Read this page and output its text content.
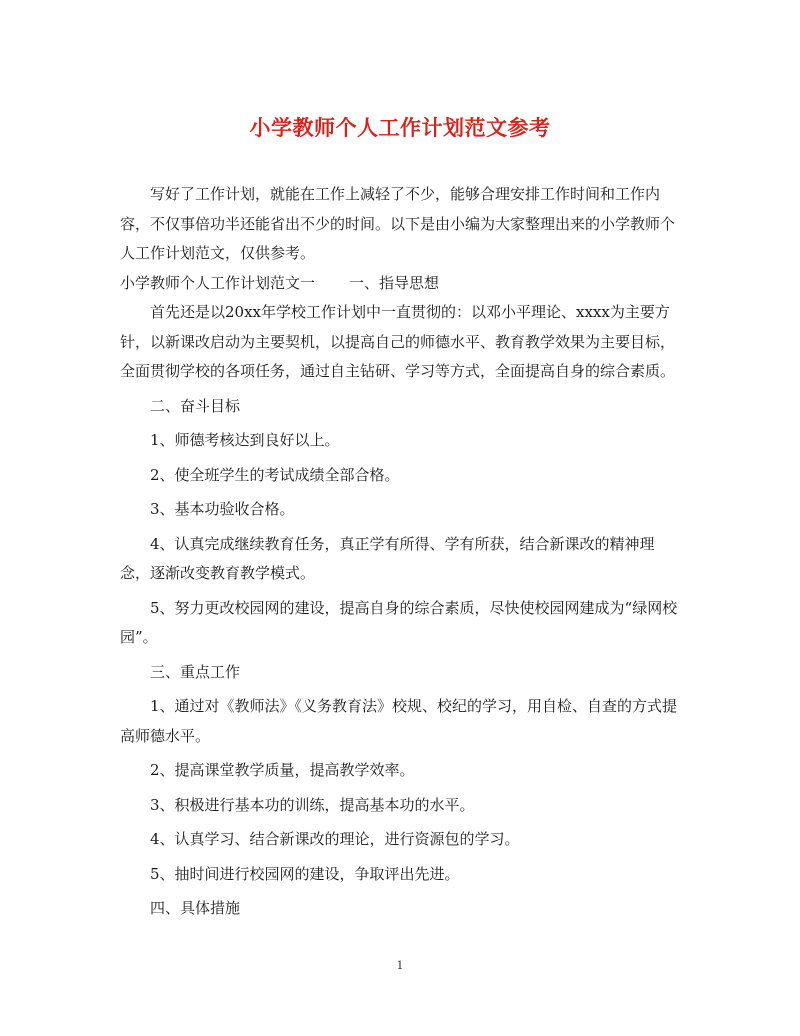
小学教师个人工作计划范文参考

写好了工作计划，就能在工作上减轻了不少，能够合理安排工作时间和工作内容，不仅事倍功半还能省出不少的时间。以下是由小编为大家整理出来的小学教师个人工作计划范文，仅供参考。

小学教师个人工作计划范文一 一、指导思想

首先还是以20xx年学校工作计划中一直贯彻的：以邓小平理论、xxxx为主要方针，以新课改启动为主要契机，以提高自己的师德水平、教育教学效果为主要目标，全面贯彻学校的各项任务，通过自主钻研、学习等方式，全面提高自身的综合素质。

二、奋斗目标

1、师德考核达到良好以上。

2、使全班学生的考试成绩全部合格。

3、基本功验收合格。

4、认真完成继续教育任务，真正学有所得、学有所获，结合新课改的精神理念，逐渐改变教育教学模式。

5、努力更改校园网的建设，提高自身的综合素质，尽快使校园网建成为“绿网校园”。

三、重点工作

1、通过对《教师法》《义务教育法》校规、校纪的学习，用自检、自查的方式提高师德水平。

2、提高课堂教学质量，提高教学效率。

3、积极进行基本功的训练，提高基本功的水平。

4、认真学习、结合新课改的理论，进行资源包的学习。

5、抽时间进行校园网的建设，争取评出先进。

四、具体措施

1
